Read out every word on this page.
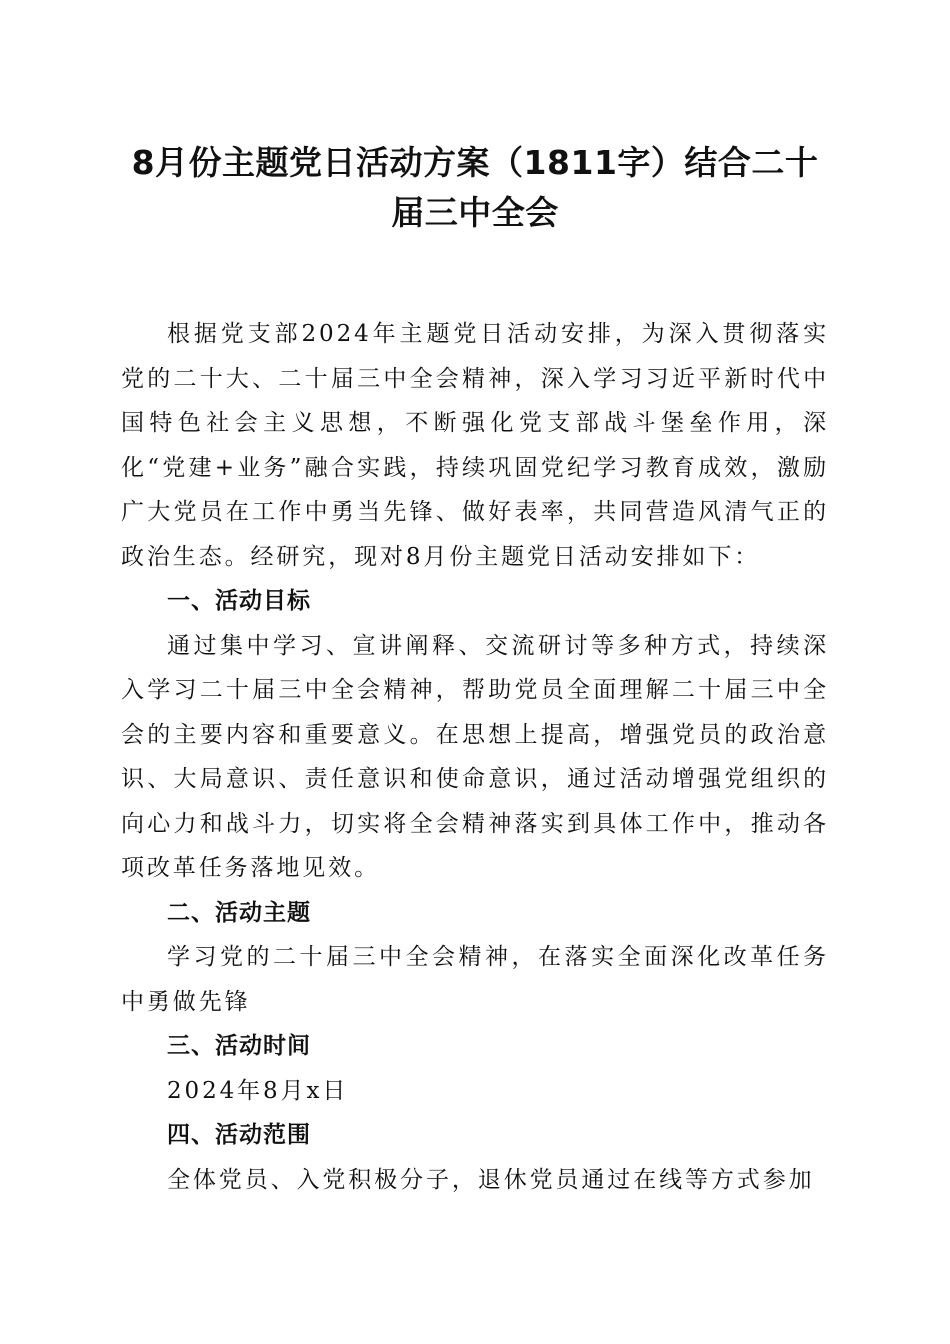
8月份主题党日活动方案（1811字）结合二十届三中全会

根据党支部2024年主题党日活动安排，为深入贯彻落实党的二十大、二十届三中全会精神，深入学习习近平新时代中国特色社会主义思想，不断强化党支部战斗堡垒作用，深化“党建+业务”融合实践，持续巩固党纪学习教育成效，激励广大党员在工作中勇当先锋、做好表率，共同营造风清气正的政治生态。经研究，现对8月份主题党日活动安排如下：

一、活动目标

通过集中学习、宣讲阐释、交流研讨等多种方式，持续深入学习二十届三中全会精神，帮助党员全面理解二十届三中全会的主要内容和重要意义。在思想上提高，增强党员的政治意识、大局意识、责任意识和使命意识，通过活动增强党组织的向心力和战斗力，切实将全会精神落实到具体工作中，推动各项改革任务落地见效。

二、活动主题

学习党的二十届三中全会精神，在落实全面深化改革任务中勇做先锋

三、活动时间

2024年8月x日

四、活动范围

全体党员、入党积极分子，退休党员通过在线等方式参加
